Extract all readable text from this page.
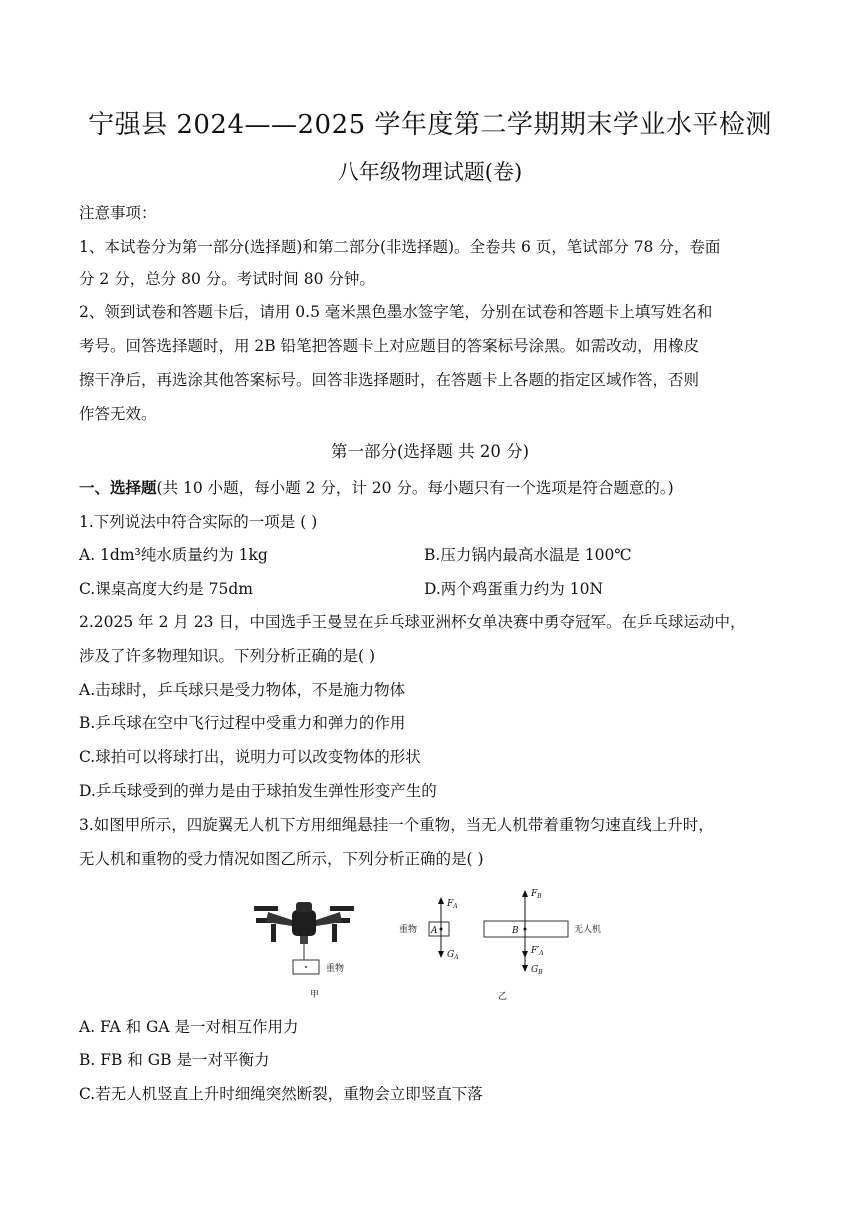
宁强县 2024——2025 学年度第二学期期末学业水平检测
八年级物理试题(卷)
注意事项：
1、本试卷分为第一部分(选择题)和第二部分(非选择题)。全卷共 6 页，笔试部分 78 分，卷面
分 2 分，总分 80 分。考试时间 80 分钟。
2、领到试卷和答题卡后，请用 0.5 毫米黑色墨水签字笔，分别在试卷和答题卡上填写姓名和
考号。回答选择题时，用 2B 铅笔把答题卡上对应题目的答案标号涂黑。如需改动，用橡皮
擦干净后，再选涂其他答案标号。回答非选择题时，在答题卡上各题的指定区域作答，否则
作答无效。
第一部分(选择题 共 20 分)
一、选择题(共 10 小题，每小题 2 分，计 20 分。每小题只有一个选项是符合题意的。)
1.下列说法中符合实际的一项是 ( )
A. 1dm³纯水质量约为 1kg	B.压力锅内最高水温是 100℃
C.课桌高度大约是 75dm	D.两个鸡蛋重力约为 10N
2.2025 年 2 月 23 日，中国选手王曼昱在乒乓球亚洲杯女单决赛中勇夺冠军。在乒乓球运动中，
涉及了许多物理知识。下列分析正确的是( )
A.击球时，乒乓球只是受力物体，不是施力物体
B.乒乓球在空中飞行过程中受重力和弹力的作用
C.球拍可以将球打出，说明力可以改变物体的形状
D.乒乓球受到的弹力是由于球拍发生弹性形变产生的
3.如图甲所示，四旋翼无人机下方用细绳悬挂一个重物，当无人机带着重物匀速直线上升时，
无人机和重物的受力情况如图乙所示，下列分析正确的是( )
重物
甲
重物 A
$F_A$
$G_A$
B
$F_B$
$F'_A$
$G_B$
无人机
乙
A. FA 和 GA 是一对相互作用力
B. FB 和 GB 是一对平衡力
C.若无人机竖直上升时细绳突然断裂，重物会立即竖直下落
